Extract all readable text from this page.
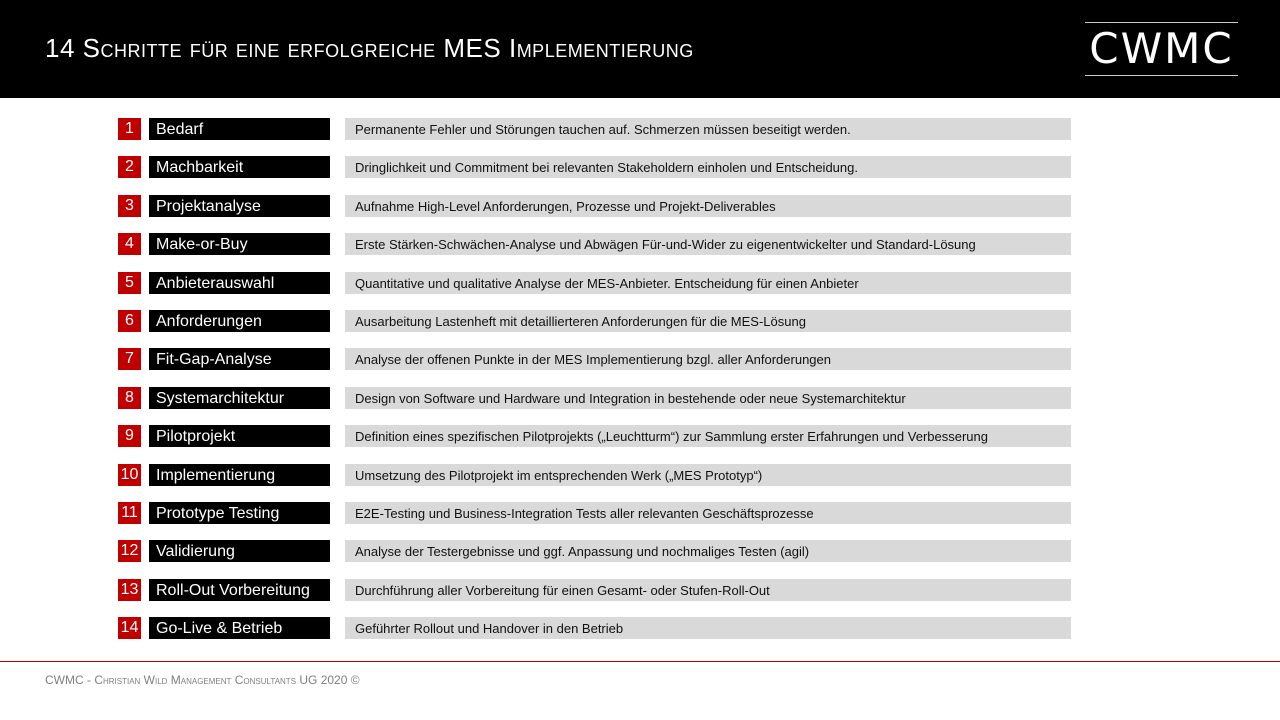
14 Schritte für eine erfolgreiche MES Implementierung	CWMC
1	Bedarf	Permanente Fehler und Störungen tauchen auf. Schmerzen müssen beseitigt werden.
2	Machbarkeit	Dringlichkeit und Commitment bei relevanten Stakeholdern einholen und Entscheidung.
3	Projektanalyse	Aufnahme High-Level Anforderungen, Prozesse und Projekt-Deliverables
4	Make-or-Buy	Erste Stärken-Schwächen-Analyse und Abwägen Für-und-Wider zu eigenentwickelter und Standard-Lösung
5	Anbieterauswahl	Quantitative und qualitative Analyse der MES-Anbieter. Entscheidung für einen Anbieter
6	Anforderungen	Ausarbeitung Lastenheft mit detaillierteren Anforderungen für die MES-Lösung
7	Fit-Gap-Analyse	Analyse der offenen Punkte in der MES Implementierung bzgl. aller Anforderungen
8	Systemarchitektur	Design von Software und Hardware und Integration in bestehende oder neue Systemarchitektur
9	Pilotprojekt	Definition eines spezifischen Pilotprojekts („Leuchtturm“) zur Sammlung erster Erfahrungen und Verbesserung
10	Implementierung	Umsetzung des Pilotprojekt im entsprechenden Werk („MES Prototyp“)
11	Prototype Testing	E2E-Testing und Business-Integration Tests aller relevanten Geschäftsprozesse
12	Validierung	Analyse der Testergebnisse und ggf. Anpassung und nochmaliges Testen (agil)
13	Roll-Out Vorbereitung	Durchführung aller Vorbereitung für einen Gesamt- oder Stufen-Roll-Out
14	Go-Live & Betrieb	Geführter Rollout und Handover in den Betrieb
CWMC - Christian Wild Management Consultants UG 2020 ©
